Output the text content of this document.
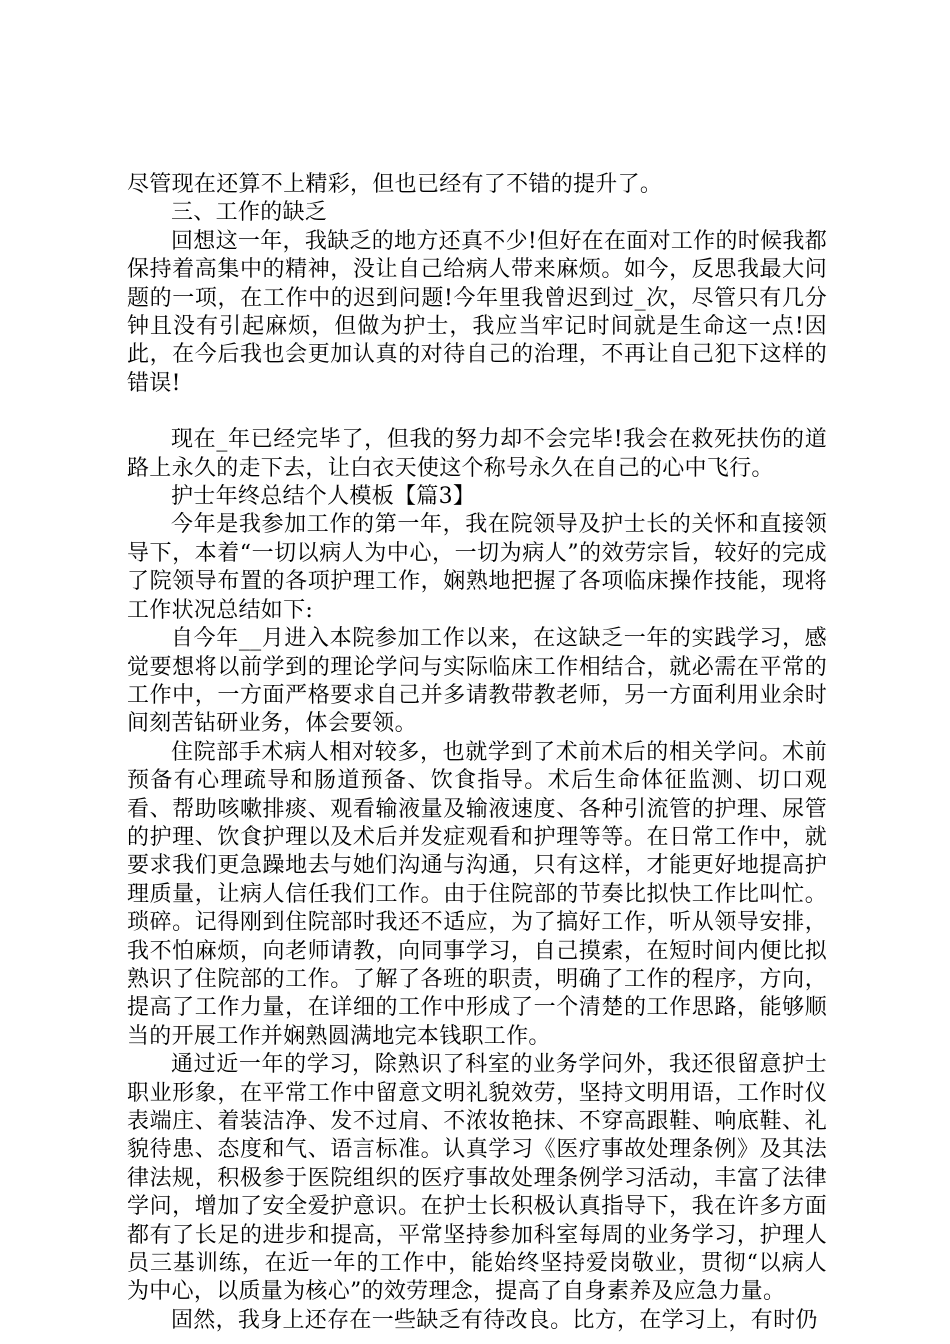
尽管现在还算不上精彩，但也已经有了不错的提升了。

三、工作的缺乏

回想这一年，我缺乏的地方还真不少!但好在在面对工作的时候我都保持着高集中的精神，没让自己给病人带来麻烦。如今，反思我最大问题的一项，在工作中的迟到问题!今年里我曾迟到过_次，尽管只有几分钟且没有引起麻烦，但做为护士，我应当牢记时间就是生命这一点!因此，在今后我也会更加认真的对待自己的治理，不再让自己犯下这样的错误!

现在_年已经完毕了，但我的努力却不会完毕!我会在救死扶伤的道路上永久的走下去，让白衣天使这个称号永久在自己的心中飞行。

护士年终总结个人模板【篇3】

今年是我参加工作的第一年，我在院领导及护士长的关怀和直接领导下，本着“一切以病人为中心，一切为病人”的效劳宗旨，较好的完成了院领导布置的各项护理工作，娴熟地把握了各项临床操作技能，现将工作状况总结如下:

自今年__月进入本院参加工作以来，在这缺乏一年的实践学习，感觉要想将以前学到的理论学问与实际临床工作相结合，就必需在平常的工作中，一方面严格要求自己并多请教带教老师，另一方面利用业余时间刻苦钻研业务，体会要领。

住院部手术病人相对较多，也就学到了术前术后的相关学问。术前预备有心理疏导和肠道预备、饮食指导。术后生命体征监测、切口观看、帮助咳嗽排痰、观看输液量及输液速度、各种引流管的护理、尿管的护理、饮食护理以及术后并发症观看和护理等等。在日常工作中，就要求我们更急躁地去与她们沟通与沟通，只有这样，才能更好地提高护理质量，让病人信任我们工作。由于住院部的节奏比拟快工作比叫忙。琐碎。记得刚到住院部时我还不适应，为了搞好工作，听从领导安排，我不怕麻烦，向老师请教，向同事学习，自己摸索，在短时间内便比拟熟识了住院部的工作。了解了各班的职责，明确了工作的程序，方向，提高了工作力量，在详细的工作中形成了一个清楚的工作思路，能够顺当的开展工作并娴熟圆满地完本钱职工作。

通过近一年的学习，除熟识了科室的业务学问外，我还很留意护士职业形象，在平常工作中留意文明礼貌效劳，坚持文明用语，工作时仪表端庄、着装洁净、发不过肩、不浓妆艳抹、不穿高跟鞋、响底鞋、礼貌待患、态度和气、语言标准。认真学习《医疗事故处理条例》及其法律法规，积极参于医院组织的医疗事故处理条例学习活动，丰富了法律学问，增加了安全爱护意识。在护士长积极认真指导下，我在许多方面都有了长足的进步和提高，平常坚持参加科室每周的业务学习，护理人员三基训练，在近一年的工作中，能始终坚持爱岗敬业，贯彻“以病人为中心，以质量为核心”的效劳理念，提高了自身素养及应急力量。

固然，我身上还存在一些缺乏有待改良。比方，在学习上，有时仍
